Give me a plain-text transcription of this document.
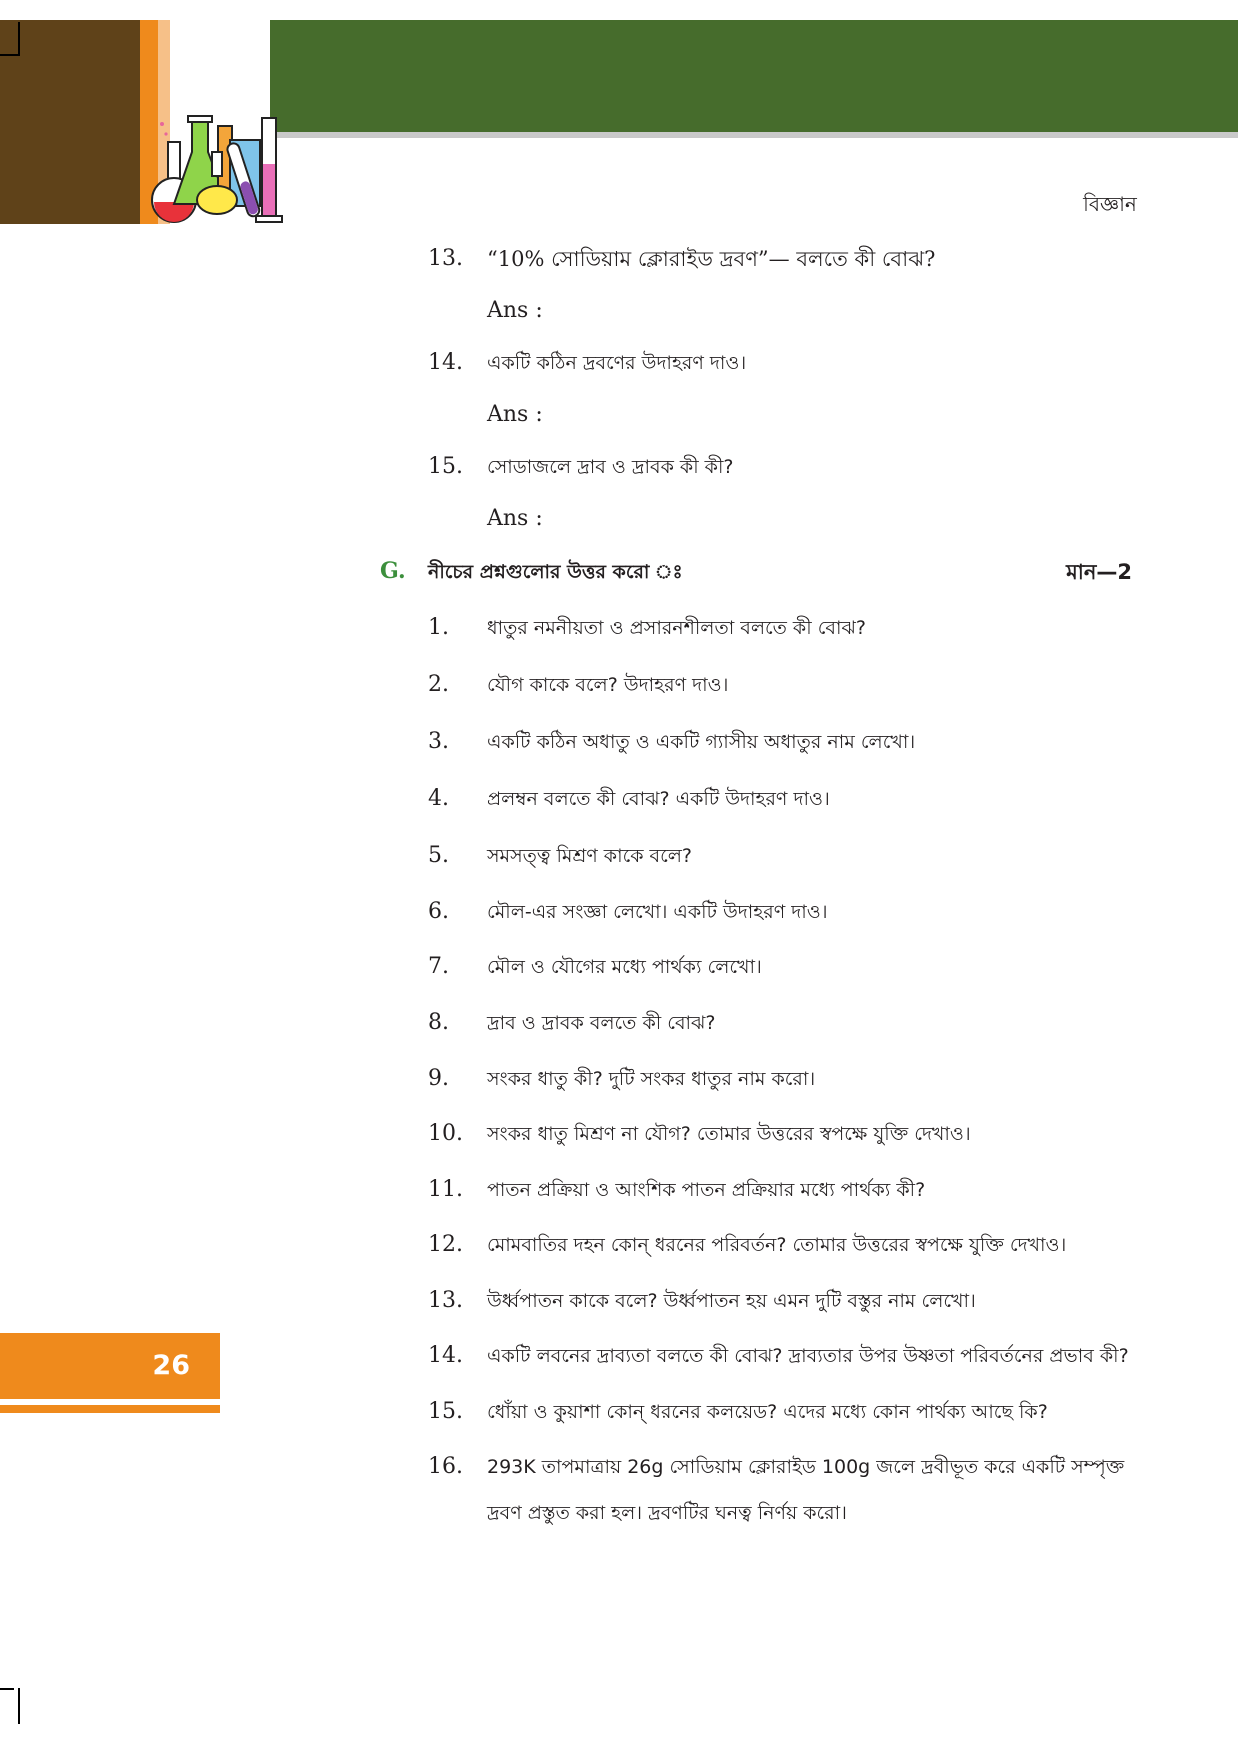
বিজ্ঞান
13.	“10% সোডিয়াম ক্লোরাইড দ্রবণ”— বলতে কী বোঝ?
Ans :
14.	একটি কঠিন দ্রবণের উদাহরণ দাও।
Ans :
15.	সোডাজলে দ্রাব ও দ্রাবক কী কী?
Ans :
G. নীচের প্রশ্নগুলোর উত্তর করো ঃ	মান—2
1.	ধাতুর নমনীয়তা ও প্রসারনশীলতা বলতে কী বোঝ?
2.	যৌগ কাকে বলে? উদাহরণ দাও।
3.	একটি কঠিন অধাতু ও একটি গ্যাসীয় অধাতুর নাম লেখো।
4.	প্রলম্বন বলতে কী বোঝ? একটি উদাহরণ দাও।
5.	সমসত্ত্ব মিশ্রণ কাকে বলে?
6.	মৌল-এর সংজ্ঞা লেখো। একটি উদাহরণ দাও।
7.	মৌল ও যৌগের মধ্যে পার্থক্য লেখো।
8.	দ্রাব ও দ্রাবক বলতে কী বোঝ?
9.	সংকর ধাতু কী? দুটি সংকর ধাতুর নাম করো।
10.	সংকর ধাতু মিশ্রণ না যৌগ? তোমার উত্তরের স্বপক্ষে যুক্তি দেখাও।
11.	পাতন প্রক্রিয়া ও আংশিক পাতন প্রক্রিয়ার মধ্যে পার্থক্য কী?
12.	মোমবাতির দহন কোন্ ধরনের পরিবর্তন? তোমার উত্তরের স্বপক্ষে যুক্তি দেখাও।
13.	উর্ধ্বপাতন কাকে বলে? উর্ধ্বপাতন হয় এমন দুটি বস্তুর নাম লেখো।
14.	একটি লবনের দ্রাব্যতা বলতে কী বোঝ? দ্রাব্যতার উপর উষ্ণতা পরিবর্তনের প্রভাব কী?
15.	ধোঁয়া ও কুয়াশা কোন্ ধরনের কলয়েড? এদের মধ্যে কোন পার্থক্য আছে কি?
16.	293K তাপমাত্রায় 26g সোডিয়াম ক্লোরাইড 100g জলে দ্রবীভূত করে একটি সম্পৃক্ত
দ্রবণ প্রস্তুত করা হল। দ্রবণটির ঘনত্ব নির্ণয় করো।
26
